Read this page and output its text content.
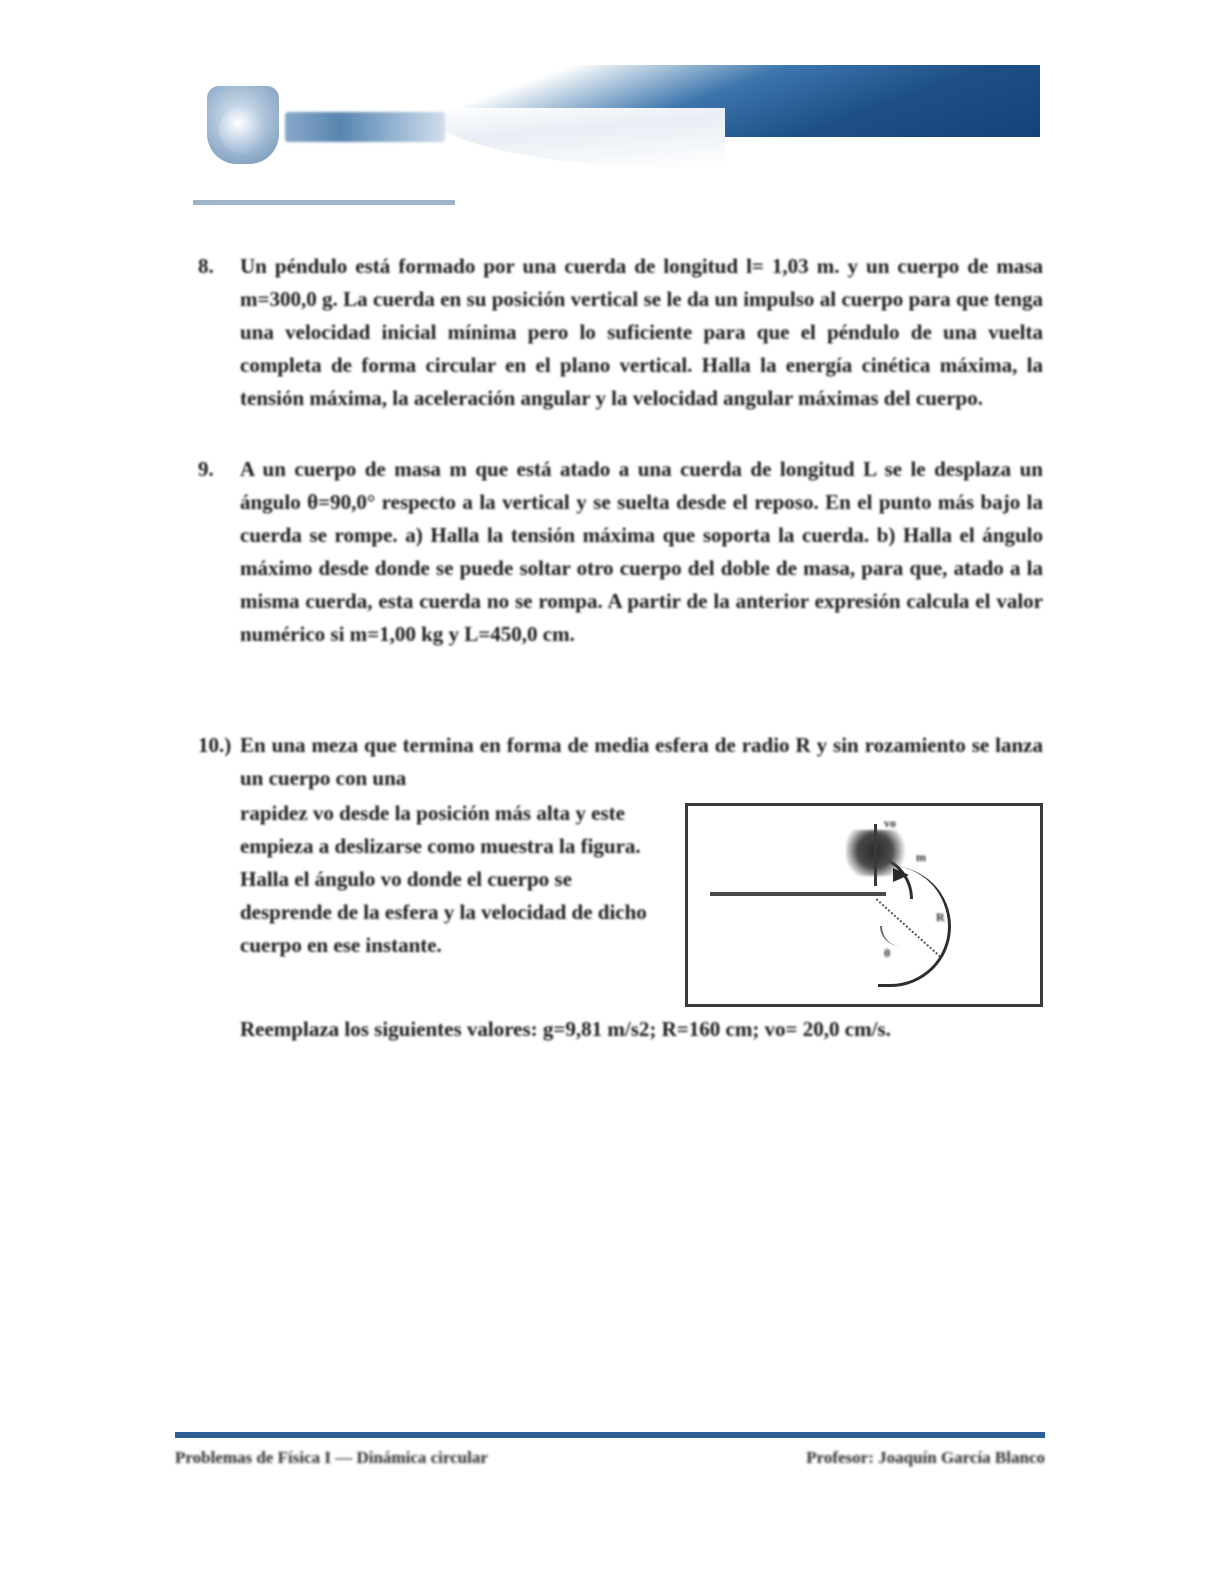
8.	Un péndulo está formado por una cuerda de longitud l= 1,03 m. y un cuerpo de masa m=300,0 g. La cuerda en su posición vertical se le da un impulso al cuerpo para que tenga una velocidad inicial mínima pero lo suficiente para que el péndulo de una vuelta completa de forma circular en el plano vertical. Halla la energía cinética máxima, la tensión máxima, la aceleración angular y la velocidad angular máximas del cuerpo.
9.	A un cuerpo de masa m que está atado a una cuerda de longitud L se le desplaza un ángulo θ=90,0° respecto a la vertical y se suelta desde el reposo. En el punto más bajo la cuerda se rompe. a) Halla la tensión máxima que soporta la cuerda. b) Halla el ángulo máximo desde donde se puede soltar otro cuerpo del doble de masa, para que, atado a la misma cuerda, esta cuerda no se rompa. A partir de la anterior expresión calcula el valor numérico si m=1,00 kg y L=450,0 cm.
10.) En una meza que termina en forma de media esfera de radio R y sin rozamiento se lanza un cuerpo con una
vo
R
θ
m
rapidez vo desde la posición más alta y este empieza a deslizarse como muestra la figura. Halla el ángulo vo donde el cuerpo se desprende de la esfera y la velocidad de dicho cuerpo en ese instante.
Reemplaza los siguientes valores: g=9,81 m/s2; R=160 cm; vo= 20,0 cm/s.
Problemas de Física I — Dinámica circular	Profesor: Joaquín García Blanco
